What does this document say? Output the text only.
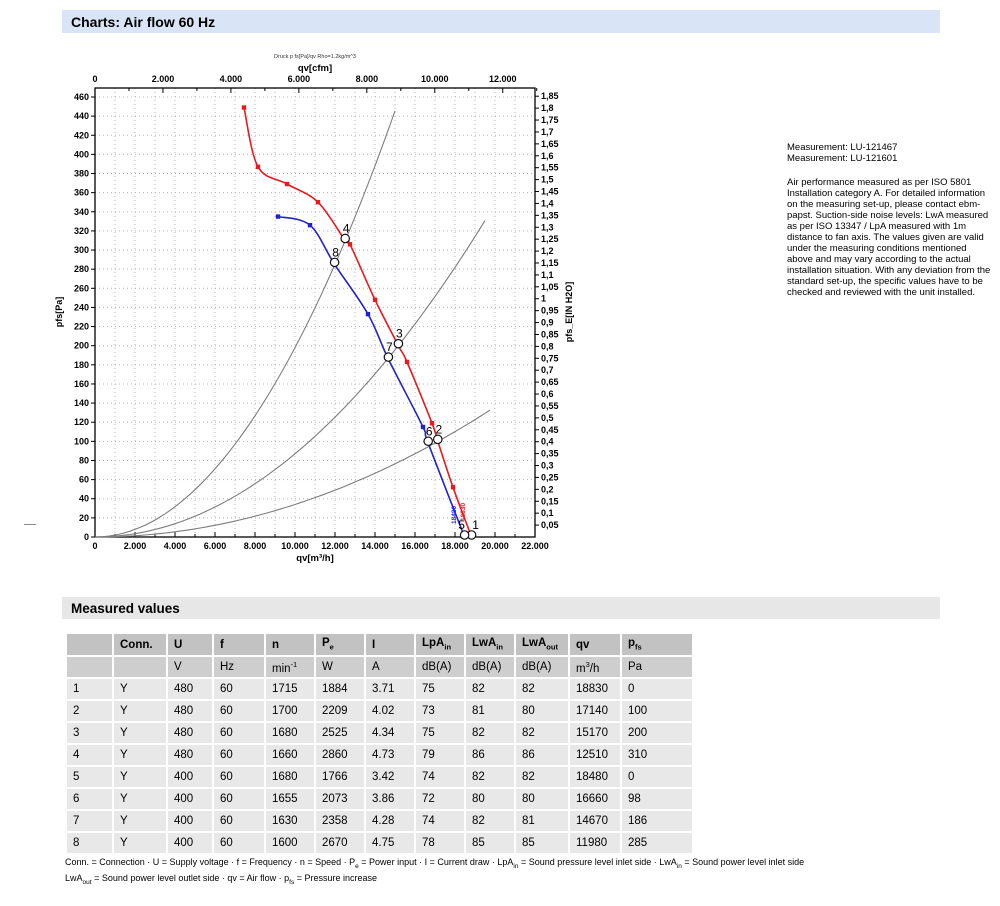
Charts: Air flow 60 Hz
0
20
40
60
80
100
120
140
160
180
200
220
240
260
280
300
320
340
360
380
400
420
440
460
0,05
0,1
0,15
0,2
0,25
0,3
0,35
0,4
0,45
0,5
0,55
0,6
0,65
0,7
0,75
0,8
0,85
0,9
0,95
1
1,05
1,1
1,15
1,2
1,25
1,3
1,35
1,4
1,45
1,5
1,55
1,6
1,65
1,7
1,75
1,8
1,85
0	2.000 4.000 6.000 8.000 10.000 12.000 14.000 16.000 18.000 20.000 22.000
0	2.000	4.000	6.000	8.000	10.000	12.000
Druck p fs[Pa]/qv Rho=1.2kg/m^3
qv[cfm]
qv[m³/h]
pfs[Pa]	pfs_E[IN H2O]
1
2
3
4
5
6
7
8
18480 18830

Measurement: LU-121467

Measurement: LU-121601

Air performance measured as per ISO 5801 Installation category A. For detailed information on the measuring set-up, please contact ebm-papst. Suction-side noise levels: LwA measured as per ISO 13347 / LpA measured with 1m distance to fan axis. The values given are valid under the measuring conditions mentioned above and may vary according to the actual installation situation. With any deviation from the standard set-up, the specific values have to be checked and reviewed with the unit installed.

Measured values
	Conn.	U	f	n	$P_e$	I	LpA$_{in}$	LwA$_{in}$	LwA$_{out}$	qv	$p_{fs}$
		V	Hz	$\min^{-1}$	W	A	dB(A)	dB(A)	dB(A)	$m^3/h$	Pa
1	Y	480	60	1715	1884	3.71	75	82	82	18830	0
2	Y	480	60	1700	2209	4.02	73	81	80	17140	100
3	Y	480	60	1680	2525	4.34	75	82	82	15170	200
4	Y	480	60	1660	2860	4.73	79	86	86	12510	310
5	Y	400	60	1680	1766	3.42	74	82	82	18480	0
6	Y	400	60	1655	2073	3.86	72	80	80	16660	98
7	Y	400	60	1630	2358	4.28	74	82	81	14670	186
8	Y	400	60	1600	2670	4.75	78	85	85	11980	285
Conn. = Connection · U = Supply voltage · f = Frequency · n = Speed · $P_e$ = Power input · I = Current draw · LpA$_{in}$ = Sound pressure level inlet side · LwA$_{in}$ = Sound power level inlet side
LwA$_{out}$ = Sound power level outlet side · qv = Air flow · $p_{fs}$ = Pressure increase
